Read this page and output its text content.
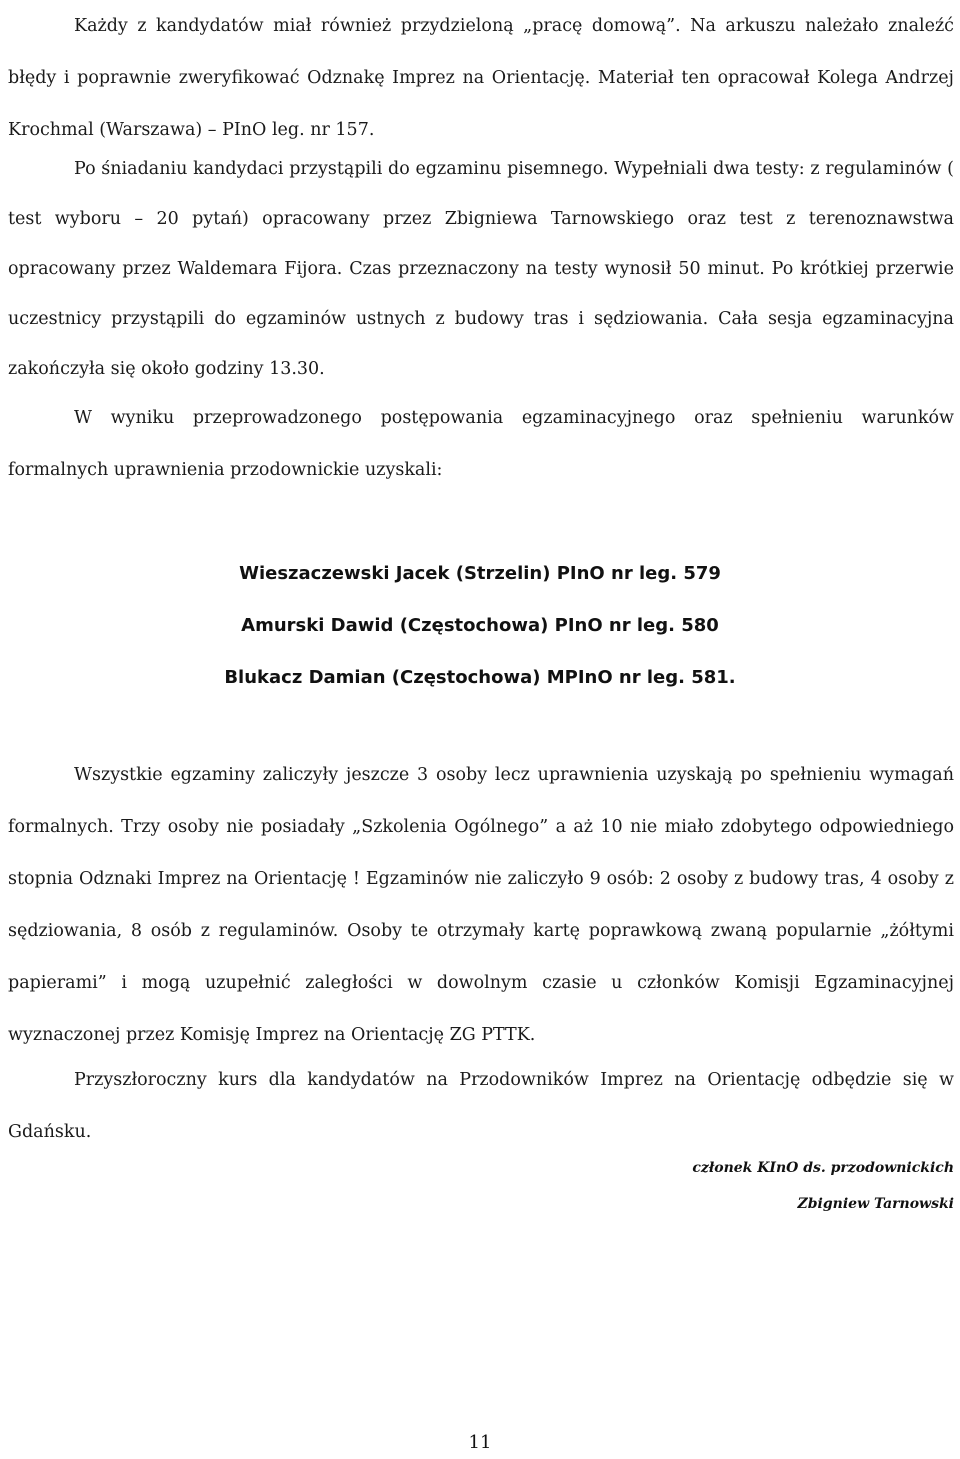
Każdy z kandydatów miał również przydzieloną „pracę domową”. Na arkuszu należało znaleźć błędy i poprawnie zweryfikować Odznakę Imprez na Orientację. Materiał ten opracował Kolega Andrzej Krochmal (Warszawa) – PInO leg. nr 157.

Po śniadaniu kandydaci przystąpili do egzaminu pisemnego. Wypełniali dwa testy: z regulaminów ( test wyboru – 20 pytań) opracowany przez Zbigniewa Tarnowskiego oraz test z terenoznawstwa opracowany przez Waldemara Fijora. Czas przeznaczony na testy wynosił 50 minut. Po krótkiej przerwie uczestnicy przystąpili do egzaminów ustnych z budowy tras i sędziowania. Cała sesja egzaminacyjna zakończyła się około godziny 13.30.

W wyniku przeprowadzonego postępowania egzaminacyjnego oraz spełnieniu warunków formalnych uprawnienia przodownickie uzyskali:

Wieszaczewski Jacek (Strzelin) PInO nr leg. 579
Amurski Dawid (Częstochowa) PInO nr leg. 580
Blukacz Damian (Częstochowa) MPInO nr leg. 581.

Wszystkie egzaminy zaliczyły jeszcze 3 osoby lecz uprawnienia uzyskają po spełnieniu wymagań formalnych. Trzy osoby nie posiadały „Szkolenia Ogólnego” a aż 10 nie miało zdobytego odpowiedniego stopnia Odznaki Imprez na Orientację ! Egzaminów nie zaliczyło 9 osób: 2 osoby z budowy tras, 4 osoby z sędziowania, 8 osób z regulaminów. Osoby te otrzymały kartę poprawkową zwaną popularnie „żółtymi papierami” i mogą uzupełnić zaległości w dowolnym czasie u członków Komisji Egzaminacyjnej wyznaczonej przez Komisję Imprez na Orientację ZG PTTK.

Przyszłoroczny kurs dla kandydatów na Przodowników Imprez na Orientację odbędzie się w Gdańsku.

członek KInO ds. przodownickich
Zbigniew Tarnowski
11
